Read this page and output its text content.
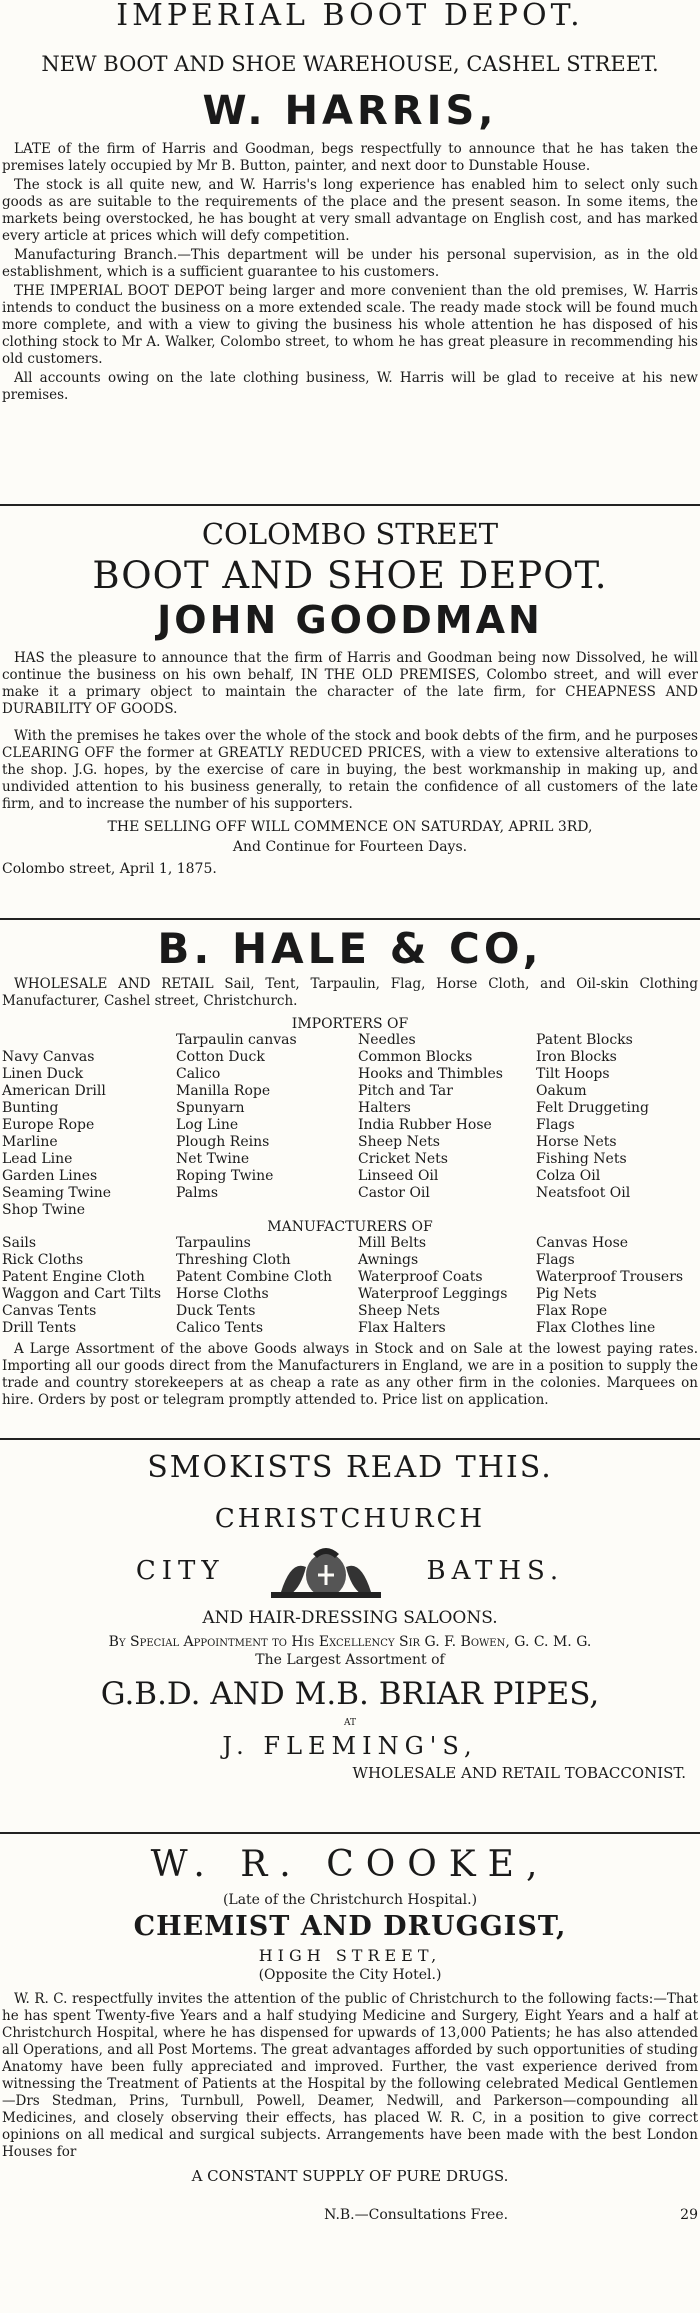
IMPERIAL BOOT DEPOT.
NEW BOOT AND SHOE WAREHOUSE, CASHEL STREET.
W. HARRIS,

LATE of the firm of Harris and Goodman, begs respectfully to announce that he has taken the premises lately occupied by Mr B. Button, painter, and next door to Dunstable House.

The stock is all quite new, and W. Harris's long experience has enabled him to select only such goods as are suitable to the requirements of the place and the present season. In some items, the markets being overstocked, he has bought at very small advantage on English cost, and has marked every article at prices which will defy competition.

Manufacturing Branch.—This department will be under his personal supervision, as in the old establishment, which is a sufficient guarantee to his customers.

THE IMPERIAL BOOT DEPOT being larger and more convenient than the old premises, W. Harris intends to conduct the business on a more extended scale. The ready made stock will be found much more complete, and with a view to giving the business his whole attention he has disposed of his clothing stock to Mr A. Walker, Colombo street, to whom he has great pleasure in recommending his old customers.

All accounts owing on the late clothing business, W. Harris will be glad to receive at his new premises.

COLOMBO STREET
BOOT AND SHOE DEPOT.
JOHN GOODMAN

HAS the pleasure to announce that the firm of Harris and Goodman being now Dissolved, he will continue the business on his own behalf, IN THE OLD PREMISES, Colombo street, and will ever make it a primary object to maintain the character of the late firm, for CHEAPNESS AND DURABILITY OF GOODS.

With the premises he takes over the whole of the stock and book debts of the firm, and he purposes CLEARING OFF the former at GREATLY REDUCED PRICES, with a view to extensive alterations to the shop. J.G. hopes, by the exercise of care in buying, the best workmanship in making up, and undivided attention to his business generally, to retain the confidence of all customers of the late firm, and to increase the number of his supporters.

THE SELLING OFF WILL COMMENCE ON SATURDAY, APRIL 3RD,
And Continue for Fourteen Days.
Colombo street, April 1, 1875.
B. HALE & CO,

WHOLESALE AND RETAIL Sail, Tent, Tarpaulin, Flag, Horse Cloth, and Oil-skin Clothing Manufacturer, Cashel street, Christchurch.

IMPORTERS OF

Navy Canvas
Linen Duck
American Drill
Bunting
Europe Rope
Marline
Lead Line
Garden Lines
Seaming Twine
Shop Twine
Tarpaulin canvas
Cotton Duck
Calico
Manilla Rope
Spunyarn
Log Line
Plough Reins
Net Twine
Roping Twine
Palms

Needles
Common Blocks
Hooks and Thimbles
Pitch and Tar
Halters
India Rubber Hose
Sheep Nets
Cricket Nets
Linseed Oil
Castor Oil

Patent Blocks
Iron Blocks
Tilt Hoops
Oakum
Felt Druggeting
Flags
Horse Nets
Fishing Nets
Colza Oil
Neatsfoot Oil

MANUFACTURERS OF
Sails
Rick Cloths
Patent Engine Cloth
Waggon and Cart Tilts
Canvas Tents
Drill Tents
Tarpaulins
Threshing Cloth
Patent Combine Cloth
Horse Cloths
Duck Tents
Calico Tents
Mill Belts
Awnings
Waterproof Coats
Waterproof Leggings
Sheep Nets
Flax Halters
Canvas Hose
Flags
Waterproof Trousers
Pig Nets
Flax Rope
Flax Clothes line

A Large Assortment of the above Goods always in Stock and on Sale at the lowest paying rates. Importing all our goods direct from the Manufacturers in England, we are in a position to supply the trade and country storekeepers at as cheap a rate as any other firm in the colonies. Marquees on hire. Orders by post or telegram promptly attended to. Price list on application.

SMOKISTS READ THIS.
CHRISTCHURCH
CITY	BATHS.
AND HAIR-DRESSING SALOONS.
By Special Appointment to His Excellency Sir G. F. Bowen, G. C. M. G.
The Largest Assortment of
G.B.D. AND M.B. BRIAR PIPES,
AT
J. FLEMING'S,
WHOLESALE AND RETAIL TOBACCONIST.
W. R. COOKE,
(Late of the Christchurch Hospital.)
CHEMIST AND DRUGGIST,
HIGH STREET,
(Opposite the City Hotel.)

W. R. C. respectfully invites the attention of the public of Christchurch to the following facts:—That he has spent Twenty-five Years and a half studying Medicine and Surgery, Eight Years and a half at Christchurch Hospital, where he has dispensed for upwards of 13,000 Patients; he has also attended all Operations, and all Post Mortems. The great advantages afforded by such opportunities of studing Anatomy have been fully appreciated and improved. Further, the vast experience derived from witnessing the Treatment of Patients at the Hospital by the following celebrated Medical Gentlemen—Drs Stedman, Prins, Turnbull, Powell, Deamer, Nedwill, and Parkerson—compounding all Medicines, and closely observing their effects, has placed W. R. C, in a position to give correct opinions on all medical and surgical subjects. Arrangements have been made with the best London Houses for

A CONSTANT SUPPLY OF PURE DRUGS.
N.B.—Consultations Free.	29
